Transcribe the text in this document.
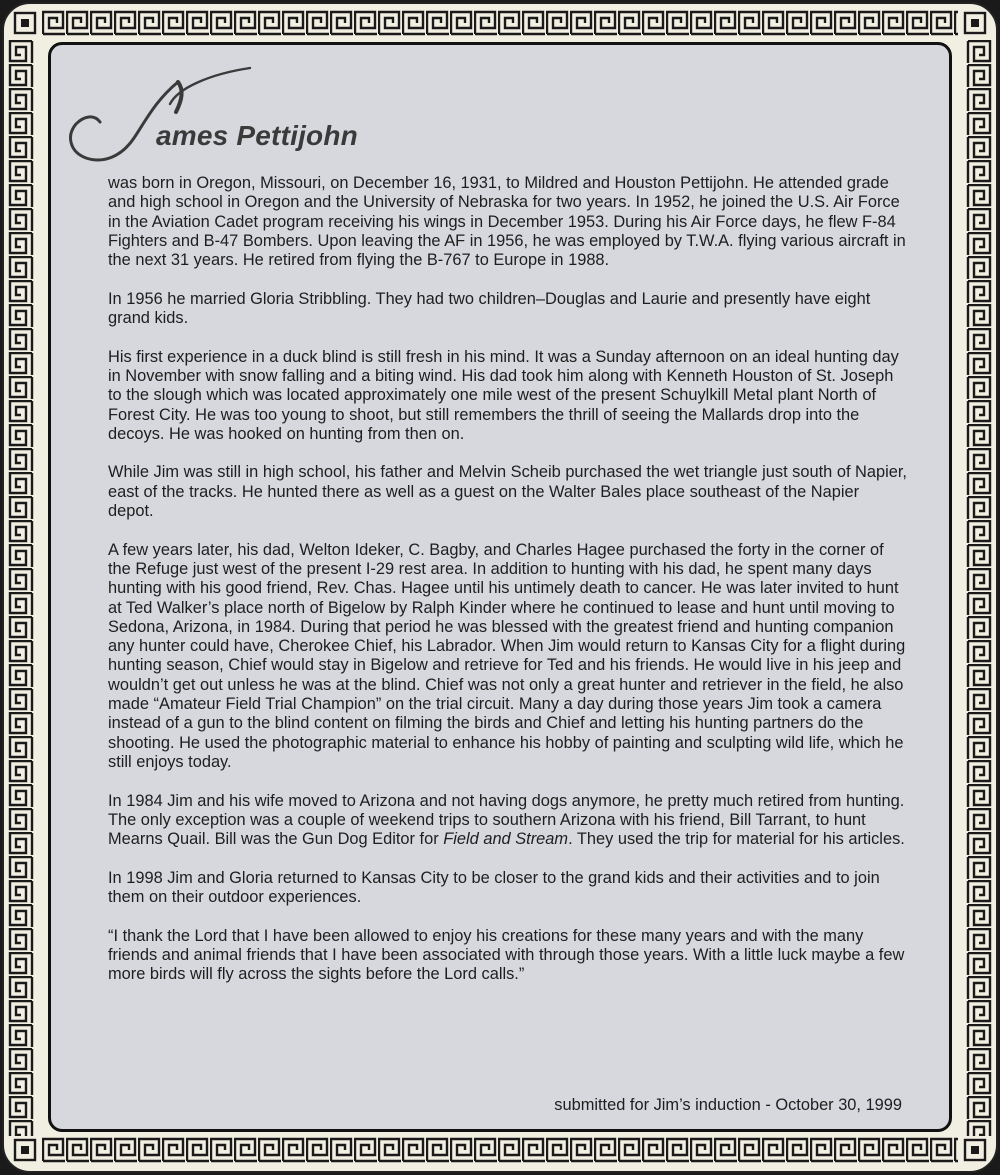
ames Pettijohn

was born in Oregon, Missouri, on December 16, 1931, to Mildred and Houston Pettijohn. He attended grade and high school in Oregon and the University of Nebraska for two years. In 1952, he joined the U.S. Air Force in the Aviation Cadet program receiving his wings in December 1953. During his Air Force days, he flew F-84 Fighters and B-47 Bombers. Upon leaving the AF in 1956, he was employed by T.W.A. flying various aircraft in the next 31 years. He retired from flying the B-767 to Europe in 1988.

In 1956 he married Gloria Stribbling. They had two children–Douglas and Laurie and presently have eight grand kids.

His first experience in a duck blind is still fresh in his mind. It was a Sunday afternoon on an ideal hunting day in November with snow falling and a biting wind. His dad took him along with Kenneth Houston of St. Joseph to the slough which was located approximately one mile west of the present Schuylkill Metal plant North of Forest City. He was too young to shoot, but still remembers the thrill of seeing the Mallards drop into the decoys. He was hooked on hunting from then on.

While Jim was still in high school, his father and Melvin Scheib purchased the wet triangle just south of Napier, east of the tracks. He hunted there as well as a guest on the Walter Bales place southeast of the Napier depot.

A few years later, his dad, Welton Ideker, C. Bagby, and Charles Hagee purchased the forty in the corner of the Refuge just west of the present I-29 rest area. In addition to hunting with his dad, he spent many days hunting with his good friend, Rev. Chas. Hagee until his untimely death to cancer. He was later invited to hunt at Ted Walker’s place north of Bigelow by Ralph Kinder where he continued to lease and hunt until moving to Sedona, Arizona, in 1984. During that period he was blessed with the greatest friend and hunting companion any hunter could have, Cherokee Chief, his Labrador. When Jim would return to Kansas City for a flight during hunting season, Chief would stay in Bigelow and retrieve for Ted and his friends. He would live in his jeep and wouldn’t get out unless he was at the blind. Chief was not only a great hunter and retriever in the field, he also made “Amateur Field Trial Champion” on the trial circuit. Many a day during those years Jim took a camera instead of a gun to the blind content on filming the birds and Chief and letting his hunting partners do the shooting. He used the photographic material to enhance his hobby of painting and sculpting wild life, which he still enjoys today.

In 1984 Jim and his wife moved to Arizona and not having dogs anymore, he pretty much retired from hunting. The only exception was a couple of weekend trips to southern Arizona with his friend, Bill Tarrant, to hunt Mearns Quail. Bill was the Gun Dog Editor for Field and Stream. They used the trip for material for his articles.

In 1998 Jim and Gloria returned to Kansas City to be closer to the grand kids and their activities and to join them on their outdoor experiences.

“I thank the Lord that I have been allowed to enjoy his creations for these many years and with the many friends and animal friends that I have been associated with through those years. With a little luck maybe a few more birds will fly across the sights before the Lord calls.”

submitted for Jim’s induction - October 30, 1999
